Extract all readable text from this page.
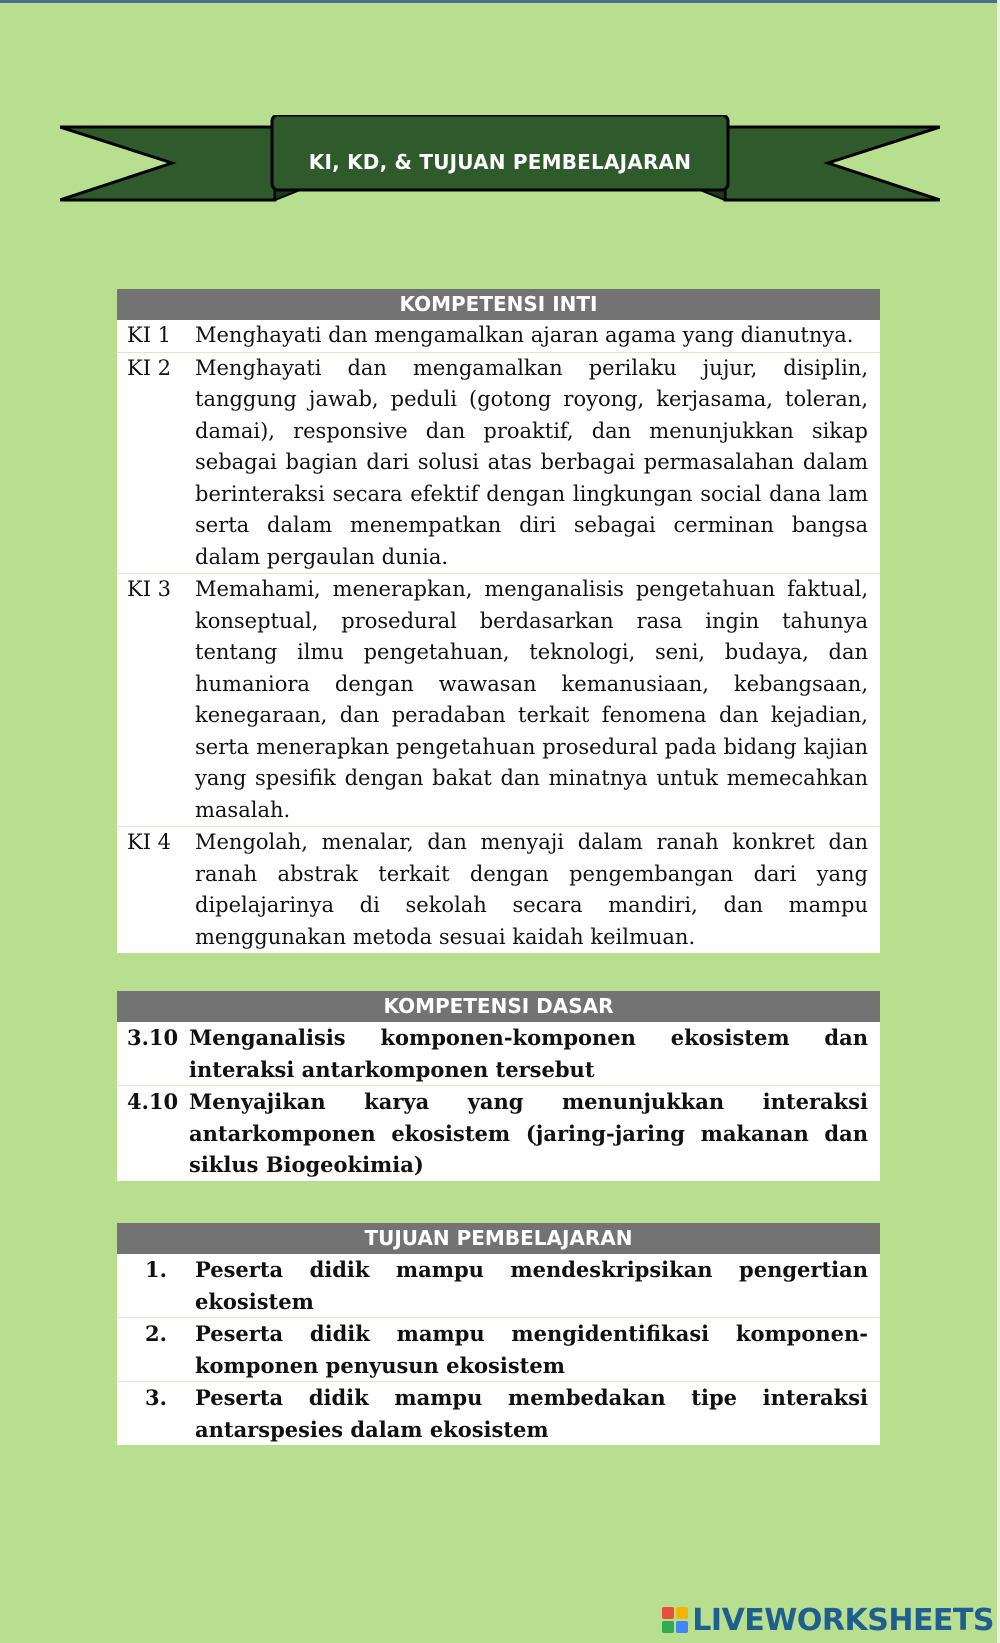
KI, KD, & TUJUAN PEMBELAJARAN
KOMPETENSI INTI
KI 1	Menghayati dan mengamalkan ajaran agama yang dianutnya.
KI 2	Menghayati dan mengamalkan perilaku jujur, disiplin, tanggung jawab, peduli (gotong royong, kerjasama, toleran, damai), responsive dan proaktif, dan menunjukkan sikap sebagai bagian dari solusi atas berbagai permasalahan dalam berinteraksi secara efektif dengan lingkungan social dana lam serta dalam menempatkan diri sebagai cerminan bangsa dalam pergaulan dunia.
KI 3	Memahami, menerapkan, menganalisis pengetahuan faktual, konseptual, prosedural berdasarkan rasa ingin tahunya tentang ilmu pengetahuan, teknologi, seni, budaya, dan humaniora dengan wawasan kemanusiaan, kebangsaan, kenegaraan, dan peradaban terkait fenomena dan kejadian, serta menerapkan pengetahuan prosedural pada bidang kajian yang spesifik dengan bakat dan minatnya untuk memecahkan masalah.
KI 4	Mengolah, menalar, dan menyaji dalam ranah konkret dan ranah abstrak terkait dengan pengembangan dari yang dipelajarinya di sekolah secara mandiri, dan mampu menggunakan metoda sesuai kaidah keilmuan.
KOMPETENSI DASAR
3.10 Menganalisis komponen-komponen ekosistem dan interaksi antarkomponen tersebut
4.10 Menyajikan karya yang menunjukkan interaksi antarkomponen ekosistem (jaring-jaring makanan dan siklus Biogeokimia)
TUJUAN PEMBELAJARAN
1.	Peserta didik mampu mendeskripsikan pengertian ekosistem
2.	Peserta didik mampu mengidentifikasi komponen-komponen penyusun ekosistem
3.	Peserta didik mampu membedakan tipe interaksi antarspesies dalam ekosistem
LIVEWORKSHEETS
